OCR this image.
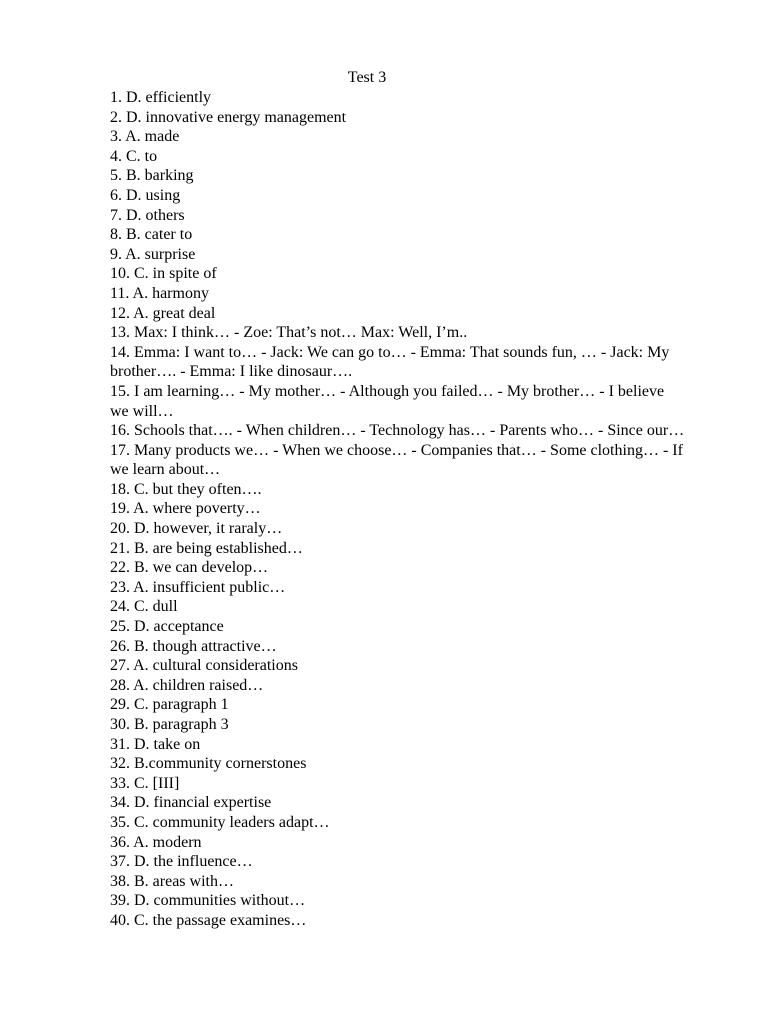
Test 3
1. D. efficiently
2. D. innovative energy management
3. A. made
4. C. to
5. B. barking
6. D. using
7. D. others
8. B. cater to
9. A. surprise
10. C. in spite of
11. A. harmony
12. A. great deal
13. Max: I think… - Zoe: That’s not… Max: Well, I’m..
14. Emma: I want to… - Jack: We can go to… - Emma: That sounds fun, … - Jack: My brother…. - Emma: I like dinosaur….
15. I am learning… - My mother… - Although you failed… - My brother… - I believe we will…
16. Schools that…. - When children… - Technology has… - Parents who… - Since our…
17. Many products we… - When we choose… - Companies that… - Some clothing… - If we learn about…
18. C. but they often….
19. A. where poverty…
20. D. however, it raraly…
21. B. are being established…
22. B. we can develop…
23. A. insufficient public…
24. C. dull
25. D. acceptance
26. B. though attractive…
27. A. cultural considerations
28. A. children raised…
29. C. paragraph 1
30. B. paragraph 3
31. D. take on
32. B.community cornerstones
33. C. [III]
34. D. financial expertise
35. C. community leaders adapt…
36. A. modern
37. D. the influence…
38. B. areas with…
39. D. communities without…
40. C. the passage examines…
